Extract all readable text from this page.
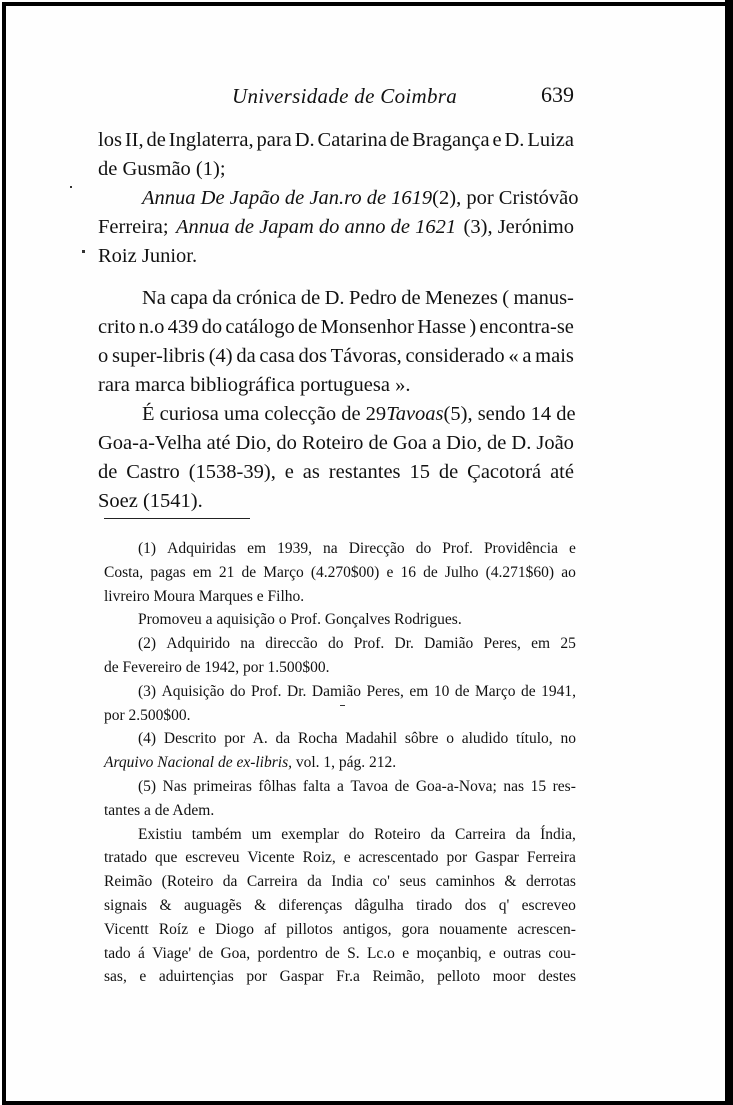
Universidade de Coimbra	639
los II, de Inglaterra, para D. Catarina de Bragança e D. Luiza
de Gusmão (1);
Annua De Japão de Jan.ro de 1619 (2), por Cristóvão
Ferreira; Annua de Japam do anno de 1621 (3), Jerónimo
Roiz Junior.
Na capa da crónica de D. Pedro de Menezes ( manus-
crito n.o 439 do catálogo de Monsenhor Hasse ) encontra-se
o super-libris (4) da casa dos Távoras, considerado « a mais
rara marca bibliográfica portuguesa ».
É curiosa uma colecção de 29 Tavoas (5), sendo 14 de
Goa-a-Velha até Dio, do Roteiro de Goa a Dio, de D. João
de Castro (1538-39), e as restantes 15 de Çacotorá até
Soez (1541).
(1) Adquiridas em 1939, na Direcção do Prof. Providência e
Costa, pagas em 21 de Março (4.270$00) e 16 de Julho (4.271$60) ao
livreiro Moura Marques e Filho.
Promoveu a aquisição o Prof. Gonçalves Rodrigues.
(2) Adquirido na direccão do Prof. Dr. Damião Peres, em 25
de Fevereiro de 1942, por 1.500$00.
(3) Aquisição do Prof. Dr. Damião Peres, em 10 de Março de 1941,
por 2.500$00.
(4) Descrito por A. da Rocha Madahil sôbre o aludido título, no
Arquivo Nacional de ex-libris, vol. 1, pág. 212.
(5) Nas primeiras fôlhas falta a Tavoa de Goa-a-Nova; nas 15 res-
tantes a de Adem.
Existiu também um exemplar do Roteiro da Carreira da Índia,
tratado que escreveu Vicente Roiz, e acrescentado por Gaspar Ferreira
Reimão (Roteiro da Carreira da India co' seus caminhos & derrotas
signais & auguagẽs & diferenças dâgulha tirado dos q' escreveo
Vicentt Roíz e Diogo af pillotos antigos, gora nouamente acrescen-
tado á Viage' de Goa, pordentro de S. Lc.o e moçanbiq, e outras cou-
sas, e aduirtençias por Gaspar Fr.a Reimão, pelloto moor destes
